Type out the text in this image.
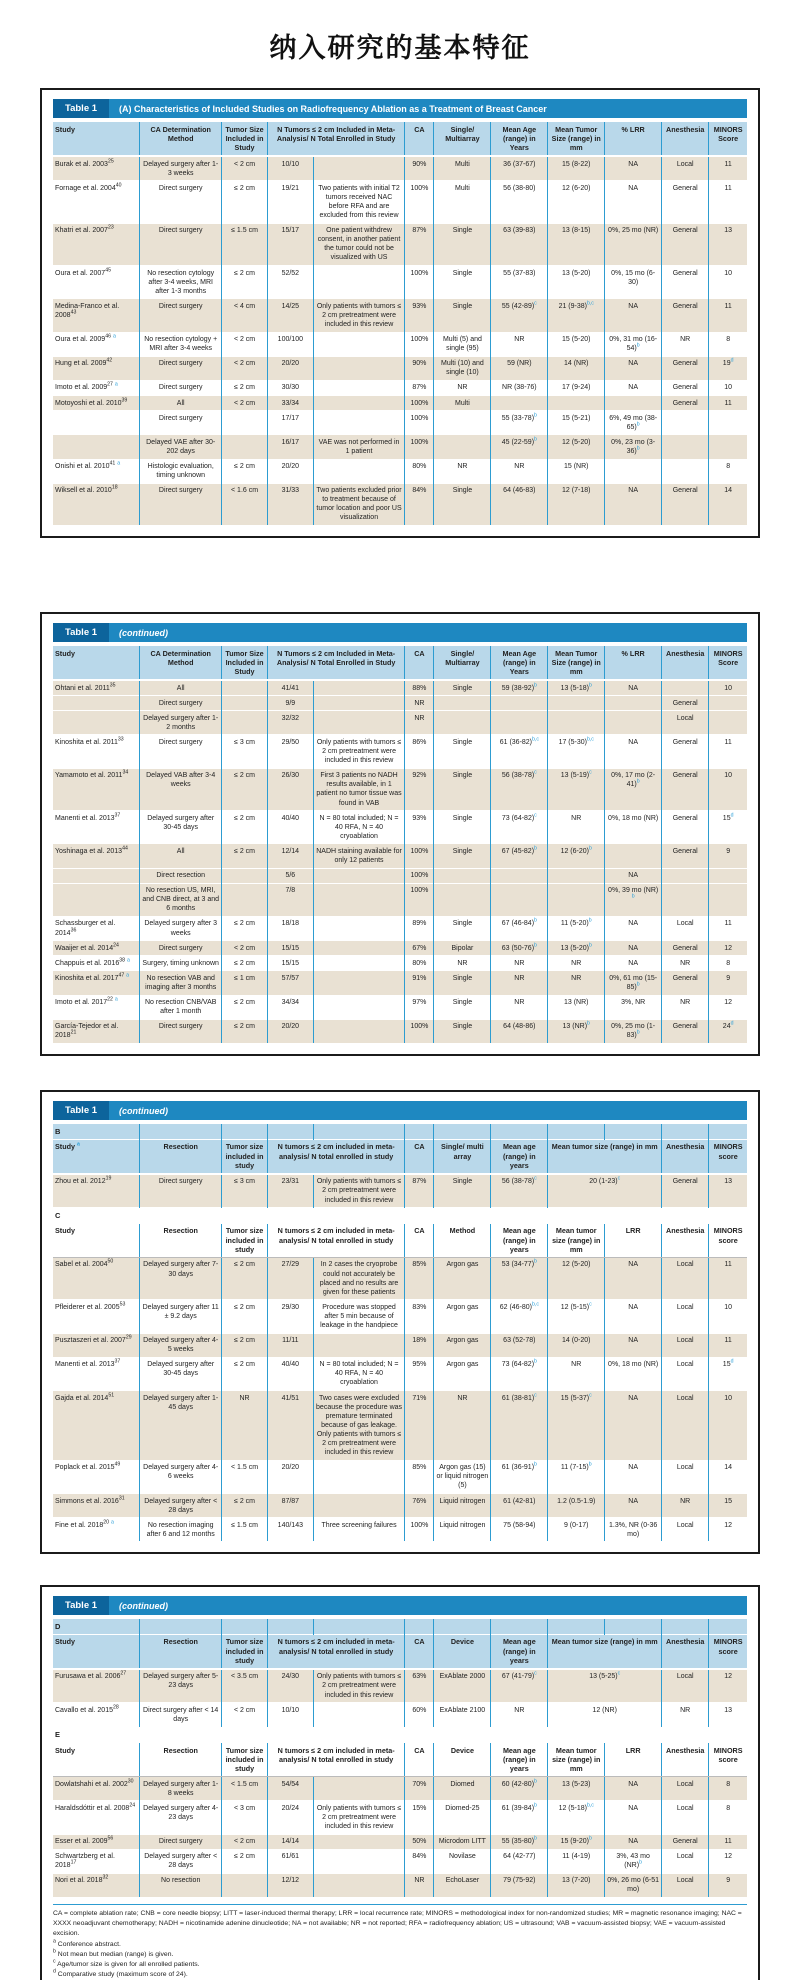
纳入研究的基本特征
Table 1	(A) Characteristics of Included Studies on Radiofrequency Ablation as a Treatment of Breast Cancer
Study	CA Determination Method	Tumor Size Included in Study	N Tumors ≤ 2 cm Included in Meta-Analysis/ N Total Enrolled in Study		CA	Single/ Multiarray	Mean Age (range) in Years	Mean Tumor Size (range) in mm	% LRR	Anesthesia	MINORS Score
Burak et al. 2003$^{25}$	Delayed surgery after 1-3 weeks	< 2 cm	10/10		90%	Multi	36 (37-67)	15 (8-22)	NA	Local	11
Fornage et al. 2004$^{40}$	Direct surgery	≤ 2 cm	19/21	Two patients with initial T2 tumors received NAC before RFA and are excluded from this review	100%	Multi	56 (38-80)	12 (6-20)	NA	General	11
Khatri et al. 2007$^{23}$	Direct surgery	≤ 1.5 cm	15/17	One patient withdrew consent, in another patient the tumor could not be visualized with US	87%	Single	63 (39-83)	13 (8-15)	0%, 25 mo (NR)	General	13
Oura et al. 2007$^{45}$	No resection cytology after 3-4 weeks, MRI after 1-3 months	≤ 2 cm	52/52		100%	Single	55 (37-83)	13 (5-20)	0%, 15 mo (6-30)	General	10
Medina-Franco et al. 2008$^{43}$	Direct surgery	< 4 cm	14/25	Only patients with tumors ≤ 2 cm pretreatment were included in this review	93%	Single	55 $(42-89)^c$	21 $(9-38)^{b,c}$	NA	General	11
Oura et al. 2009$^{46}$ $^a$	No resection cytology + MRI after 3-4 weeks	< 2 cm	100/100		100%	Multi (5) and single (95)	NR	15 (5-20)	0%, 31 mo $(16-54)^b$	NR	8
Hung et al. 2009$^{42}$	Direct surgery	< 2 cm	20/20		90%	Multi (10) and single (10)	59 (NR)	14 (NR)	NA	General	19$^d$
Imoto et al. 2009$^{27}$ $^a$	Direct surgery	≤ 2 cm	30/30		87%	NR	NR (38-76)	17 (9-24)	NA	General	10
Motoyoshi et al. 2010$^{39}$	All	< 2 cm	33/34		100%	Multi				General	11
	Direct surgery		17/17		100%		55 $(33-78)^b$	15 (5-21)	6%, 49 mo $(38-65)^b$		
	Delayed VAE after 30-202 days		16/17	VAE was not performed in 1 patient	100%		45 $(22-59)^b$	12 (5-20)	0%, 23 mo $(3-36)^b$		
Onishi et al. 2010$^{41}$ $^a$	Histologic evaluation, timing unknown	≤ 2 cm	20/20		80%	NR	NR	15 (NR)			8
Wiksell et al. 2010$^{18}$	Direct surgery	< 1.6 cm	31/33	Two patients excluded prior to treatment because of tumor location and poor US visualization	84%	Single	64 (46-83)	12 (7-18)	NA	General	14
Table 1	(continued)
Study	CA Determination Method	Tumor Size Included in Study	N Tumors ≤ 2 cm Included in Meta-Analysis/ N Total Enrolled in Study		CA	Single/ Multiarray	Mean Age (range) in Years	Mean Tumor Size (range) in mm	% LRR	Anesthesia	MINORS Score
Ohtani et al. 2011$^{35}$	All		41/41		88%	Single	59 $(38-92)^b$	13 $(5-18)^b$	NA		10
	Direct surgery		9/9		NR					General	
	Delayed surgery after 1-2 months		32/32		NR					Local	
Kinoshita et al. 2011$^{33}$	Direct surgery	≤ 3 cm	29/50	Only patients with tumors ≤ 2 cm pretreatment were included in this review	86%	Single	61 $(36-82)^{b,c}$	17 $(5-30)^{b,c}$	NA	General	11
Yamamoto et al. 2011$^{34}$	Delayed VAB after 3-4 weeks	≤ 2 cm	26/30	First 3 patients no NADH results available, in 1 patient no tumor tissue was found in VAB	92%	Single	56 $(38-78)^c$	13 $(5-19)^c$	0%, 17 mo $(2-41)^b$	General	10
Manenti et al. 2013$^{37}$	Delayed surgery after 30-45 days	≤ 2 cm	40/40	N = 80 total included; N = 40 RFA, N = 40 cryoablation	93%	Single	73 $(64-82)^c$	NR	0%, 18 mo (NR)	General	15$^d$
Yoshinaga et al. 2013$^{44}$	All	≤ 2 cm	12/14	NADH staining available for only 12 patients	100%	Single	67 $(45-82)^b$	12 $(6-20)^b$		General	9
	Direct resection		5/6		100%				NA		
	No resection US, MRI, and CNB direct, at 3 and 6 months		7/8		100%				0%, 39 mo (NR) $^b$		
Schassburger et al. 2014$^{36}$	Delayed surgery after 3 weeks	≤ 2 cm	18/18		89%	Single	67 $(46-84)^b$	11 $(5-20)^b$	NA	Local	11
Waaijer et al. 2014$^{24}$	Direct surgery	< 2 cm	15/15		67%	Bipolar	63 $(50-76)^b$	13 $(5-20)^b$	NA	General	12
Chappuis et al. 2016$^{38}$ $^a$	Surgery, timing unknown	≤ 2 cm	15/15		80%	NR	NR	NR	NA	NR	8
Kinoshita et al. 2017$^{47}$ $^a$	No resection VAB and imaging after 3 months	≤ 1 cm	57/57		91%	Single	NR	NR	0%, 61 mo $(15-85)^b$	General	9
Imoto et al. 2017$^{22}$ $^a$	No resection CNB/VAB after 1 month	≤ 2 cm	34/34		97%	Single	NR	13 (NR)	3%, NR	NR	12
García-Tejedor et al. 2018$^{21}$	Direct surgery	≤ 2 cm	20/20		100%	Single	64 (48-86)	13 (NR)$^b$	0%, 25 mo $(1-83)^b$	General	24$^d$
Table 1	(continued)
B											
Study $^a$	Resection	Tumor size included in study	N tumors ≤ 2 cm included in meta-analysis/ N total enrolled in study		CA	Single/ multi array	Mean age (range) in years	Mean tumor size (range) in mm		Anesthesia	MINORS score
Zhou et al. 2012$^{19}$	Direct surgery	≤ 3 cm	23/31	Only patients with tumors ≤ 2 cm pretreatment were included in this review	87%	Single	56 $(38-78)^c$	20 $(1-23)^c$		General	13
C											
Study	Resection	Tumor size included in study	N tumors ≤ 2 cm included in meta-analysis/ N total enrolled in study		CA	Method	Mean age (range) in years	Mean tumor size (range) in mm	LRR	Anesthesia	MINORS score
Sabel et al. 2004$^{50}$	Delayed surgery after 7-30 days	≤ 2 cm	27/29	In 2 cases the cryoprobe could not accurately be placed and no results are given for these patients	85%	Argon gas	53 $(34-77)^b$	12 (5-20)	NA	Local	11
Pfleiderer et al. 2005$^{53}$	Delayed surgery after 11 ± 9.2 days	≤ 2 cm	29/30	Procedure was stopped after 5 min because of leakage in the handpiece	83%	Argon gas	62 $(46-80)^{b,c}$	12 $(5-15)^c$	NA	Local	10
Pusztaszeri et al. 2007$^{29}$	Delayed surgery after 4-5 weeks	≤ 2 cm	11/11		18%	Argon gas	63 (52-78)	14 (0-20)	NA	Local	11
Manenti et al. 2013$^{37}$	Delayed surgery after 30-45 days	≤ 2 cm	40/40	N = 80 total included; N = 40 RFA, N = 40 cryoablation	95%	Argon gas	73 $(64-82)^b$	NR	0%, 18 mo (NR)	Local	15$^d$
Gajda et al. 2014$^{51}$	Delayed surgery after 1-45 days	NR	41/51	Two cases were excluded because the procedure was premature terminated because of gas leakage. Only patients with tumors ≤ 2 cm pretreatment were included in this review	71%	NR	61 $(38-81)^c$	15 $(5-37)^c$	NA	Local	10
Poplack et al. 2015$^{49}$	Delayed surgery after 4-6 weeks	< 1.5 cm	20/20		85%	Argon gas (15) or liquid nitrogen (5)	61 $(36-91)^b$	11 $(7-15)^b$	NA	Local	14
Simmons et al. 2016$^{31}$	Delayed surgery after < 28 days	≤ 2 cm	87/87		76%	Liquid nitrogen	61 (42-81)	1.2 (0.5-1.9)	NA	NR	15
Fine et al. 2018$^{20}$ $^a$	No resection imaging after 6 and 12 months	≤ 1.5 cm	140/143	Three screening failures	100%	Liquid nitrogen	75 (58-94)	9 (0-17)	1.3%, NR (0-36 mo)	Local	12
Table 1	(continued)
D											
Study	Resection	Tumor size included in study	N tumors ≤ 2 cm included in meta-analysis/ N total enrolled in study		CA	Device	Mean age (range) in years	Mean tumor size (range) in mm		Anesthesia	MINORS score
Furusawa et al. 2006$^{27}$	Delayed surgery after 5-23 days	< 3.5 cm	24/30	Only patients with tumors ≤ 2 cm pretreatment were included in this review	63%	ExAblate 2000	67 $(41-79)^c$	13 $(5-25)^c$		Local	12
Cavallo et al. 2015$^{28}$	Direct surgery after < 14 days	< 2 cm	10/10		60%	ExAblate 2100	NR	12 (NR)		NR	13
E											
Study	Resection	Tumor size included in study	N tumors ≤ 2 cm included in meta-analysis/ N total enrolled in study		CA	Device	Mean age (range) in years	Mean tumor size (range) in mm	LRR	Anesthesia	MINORS score
Dowlatshahi et al. 2002$^{30}$	Delayed surgery after 1-8 weeks	< 1.5 cm	54/54		70%	Diomed	60 $(42-80)^b$	13 (5-23)	NA	Local	8
Haraldsdóttir et al. 2008$^{24}$	Delayed surgery after 4-23 days	< 3 cm	20/24	Only patients with tumors ≤ 2 cm pretreatment were included in this review	15%	Diomed-25	61 $(39-84)^b$	12 $(5-18)^{b,c}$	NA	Local	8
Esser et al. 2009$^{56}$	Direct surgery	< 2 cm	14/14		50%	Microdom LITT	55 $(35-80)^b$	15 $(9-20)^b$	NA	General	11
Schwartzberg et al. 2018$^{17}$	Delayed surgery after < 28 days	≤ 2 cm	61/61		84%	Novilase	64 (42-77)	11 (4-19)	3%, 43 mo (NR)$^b$	Local	12
Nori et al. 2018$^{32}$	No resection		12/12		NR	EchoLaser	79 (75-92)	13 (7-20)	0%, 26 mo (6-51 mo)	Local	9

CA = complete ablation rate; CNB = core needle biopsy; LITT = laser-induced thermal therapy; LRR = local recurrence rate; MINORS = methodological index for non-randomized studies; MR = magnetic resonance imaging; NAC = XXXX neoadjuvant chemotherapy; NADH = nicotinamide adenine dinucleotide; NA = not available; NR = not reported; RFA = radiofrequency ablation; US = ultrasound; VAB = vacuum-assisted biopsy; VAE = vacuum-assisted excision.

$^a$ Conference abstract.

$^b$ Not mean but median (range) is given.

$^c$ Age/tumor size is given for all enrolled patients.

$^d$ Comparative study (maximum score of 24).
